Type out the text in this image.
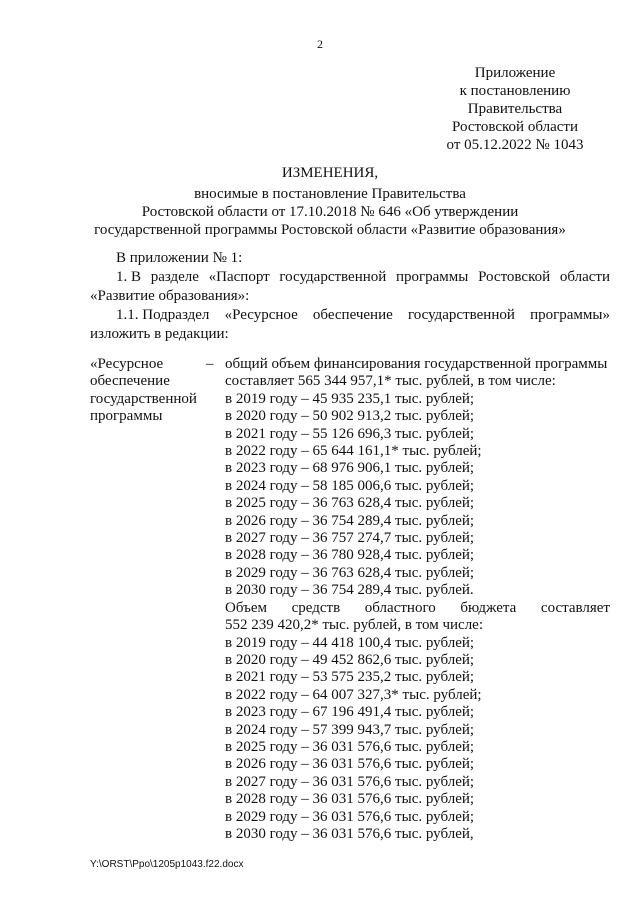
2
Приложение
к постановлению
Правительства
Ростовской области
от 05.12.2022 № 1043
ИЗМЕНЕНИЯ,
вносимые в постановление Правительства
Ростовской области от 17.10.2018 № 646 «Об утверждении
государственной программы Ростовской области «Развитие образования»
В приложении № 1:
1. В разделе «Паспорт государственной программы Ростовской области
«Развитие образования»:
1.1. Подраздел «Ресурсное обеспечение государственной программы»
изложить в редакции:
«Ресурсное
обеспечение
государственной
программы
– общий объем финансирования государственной программы
составляет 565 344 957,1* тыс. рублей, в том числе:
в 2019 году – 45 935 235,1 тыс. рублей;
в 2020 году – 50 902 913,2 тыс. рублей;
в 2021 году – 55 126 696,3 тыс. рублей;
в 2022 году – 65 644 161,1* тыс. рублей;
в 2023 году – 68 976 906,1 тыс. рублей;
в 2024 году – 58 185 006,6 тыс. рублей;
в 2025 году – 36 763 628,4 тыс. рублей;
в 2026 году – 36 754 289,4 тыс. рублей;
в 2027 году – 36 757 274,7 тыс. рублей;
в 2028 году – 36 780 928,4 тыс. рублей;
в 2029 году – 36 763 628,4 тыс. рублей;
в 2030 году – 36 754 289,4 тыс. рублей.
Объем средств областного бюджета составляет
552 239 420,2* тыс. рублей, в том числе:
в 2019 году – 44 418 100,4 тыс. рублей;
в 2020 году – 49 452 862,6 тыс. рублей;
в 2021 году – 53 575 235,2 тыс. рублей;
в 2022 году – 64 007 327,3* тыс. рублей;
в 2023 году – 67 196 491,4 тыс. рублей;
в 2024 году – 57 399 943,7 тыс. рублей;
в 2025 году – 36 031 576,6 тыс. рублей;
в 2026 году – 36 031 576,6 тыс. рублей;
в 2027 году – 36 031 576,6 тыс. рублей;
в 2028 году – 36 031 576,6 тыс. рублей;
в 2029 году – 36 031 576,6 тыс. рублей;
в 2030 году – 36 031 576,6 тыс. рублей,
Y:\ORST\Ppo\1205p1043.f22.docx
